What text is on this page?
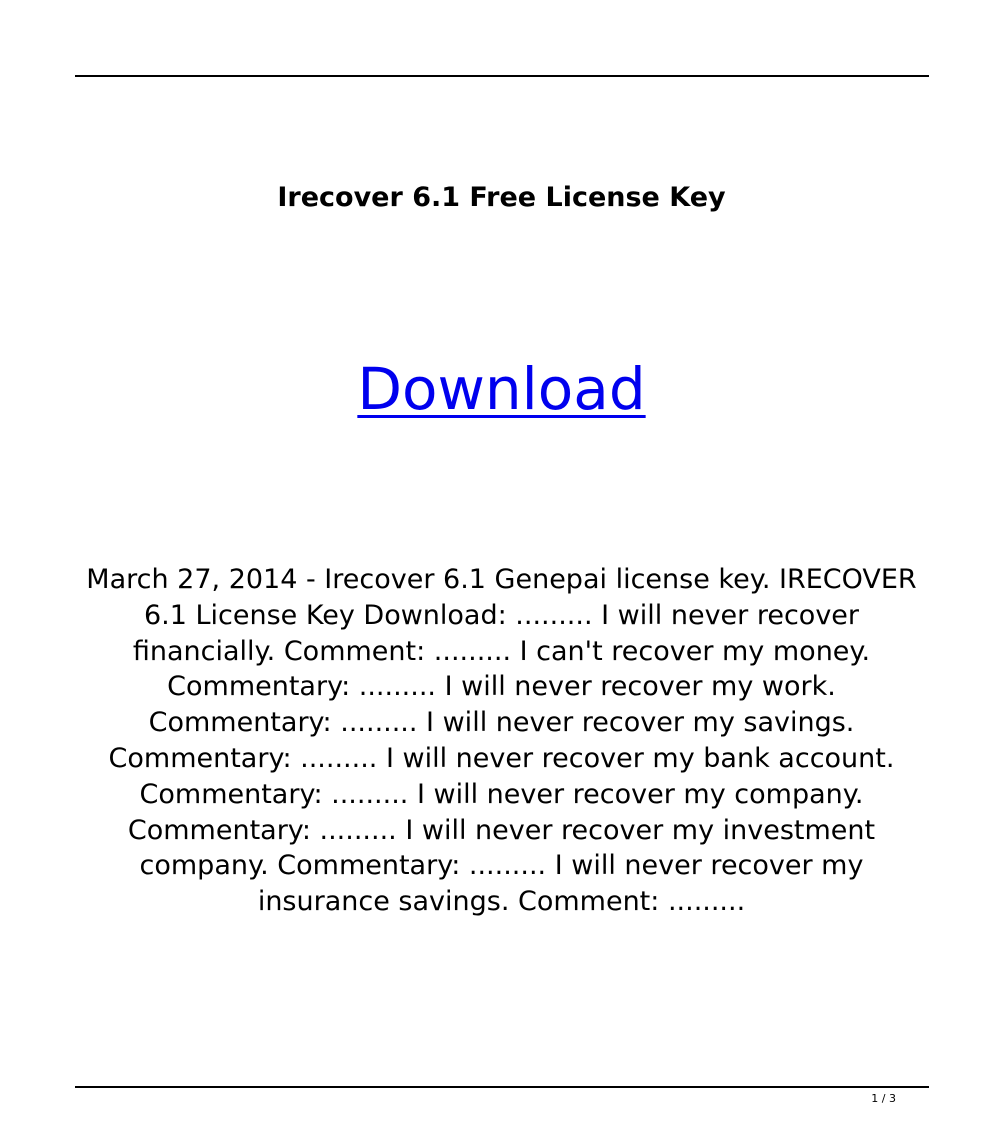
Irecover 6.1 Free License Key
Download

March 27, 2014 - Irecover 6.1 Genepai license key. IRECOVER 6.1 License Key Download: ......... I will never recover financially. Comment: ......... I can't recover my money. Commentary: ......... I will never recover my work. Commentary: ......... I will never recover my savings. Commentary: ......... I will never recover my bank account. Commentary: ......... I will never recover my company. Commentary: ......... I will never recover my investment company. Commentary: ......... I will never recover my insurance savings. Comment: .........

1 / 3
